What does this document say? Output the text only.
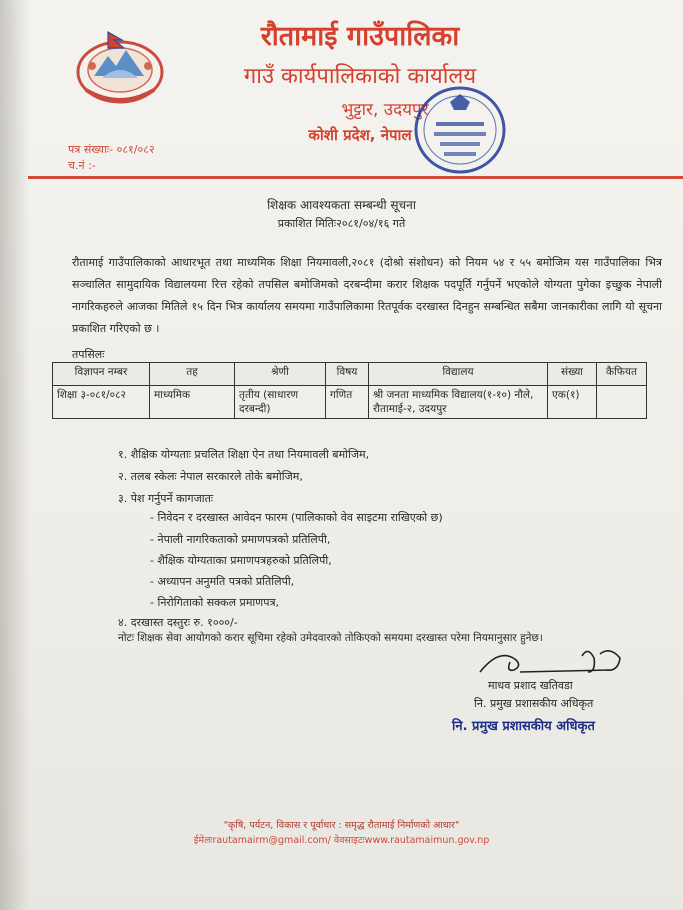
रौतामाई गाउँपालिका
गाउँ कार्यपालिकाको कार्यालय
भुट्टार, उदयपुर
कोशी प्रदेश, नेपाल
पत्र संख्याः- ०८१/०८२
च.नं :-
शिक्षक आवश्यकता सम्बन्धी सूचना
प्रकाशित मितिः२०८१/०४/१६ गते
रौतामाई गाउँपालिकाको आधारभूत तथा माध्यमिक शिक्षा नियमावली,२०८१ (दोश्रो संशोधन) को नियम ५४ र ५५ बमोजिम यस गाउँपालिका भित्र सञ्चालित सामुदायिक विद्यालयमा रित्त रहेको तपसिल बमोजिमको दरबन्दीमा करार शिक्षक पदपूर्ति गर्नुपर्ने भएकोले योग्यता पुगेका इच्छुक नेपाली नागरिकहरुले आजका मितिले १५ दिन भित्र कार्यालय समयमा गाउँपालिकामा रितपूर्वक दरखास्त दिनहुन सम्बन्धित सबैमा जानकारीका लागि यो सूचना प्रकाशित गरिएको छ ।
तपसिलः
विज्ञापन नम्बर	तह	श्रेणी	विषय	विद्यालय	संख्या	कैफियत
शिक्षा ३-०८१/०८२	माध्यमिक	तृतीय (साधारण दरबन्दी)	गणित	श्री जनता माध्यमिक विद्यालय(१-१०) नौले, रौतामाई-२, उदयपुर	एक(१)	
१. शैक्षिक योग्यताः प्रचलित शिक्षा ऐन तथा नियमावली बमोजिम,
२. तलब स्केलः नेपाल सरकारले तोके बमोजिम,
३. पेश गर्नुपर्ने कागजातः
- निवेदन र दरखास्त आवेदन फारम (पालिकाको वेव साइटमा राखिएको छ)
- नेपाली नागरिकताको प्रमाणपत्रको प्रतिलिपी,
- शैक्षिक योग्यताका प्रमाणपत्रहरुको प्रतिलिपी,
- अध्यापन अनुमति पत्रको प्रतिलिपी,
- निरोगिताको सक्कल प्रमाणपत्र,
४. दरखास्त दस्तुरः रु. १०००/-
नोटः शिक्षक सेवा आयोगको करार सूचिमा रहेको उमेदवारको तोकिएको समयमा दरखास्त परेमा नियमानुसार हुनेछ।
माधव प्रशाद खतिवडा
नि. प्रमुख प्रशासकीय अधिकृत
नि. प्रमुख प्रशासकीय अधिकृत
"कृषि, पर्यटन, विकास र पूर्वाधार : समृद्ध रौतामाई निर्माणको आधार"
ईमेलःrautamairm@gmail.com/ वेवसाइटःwww.rautamaimun.gov.np
